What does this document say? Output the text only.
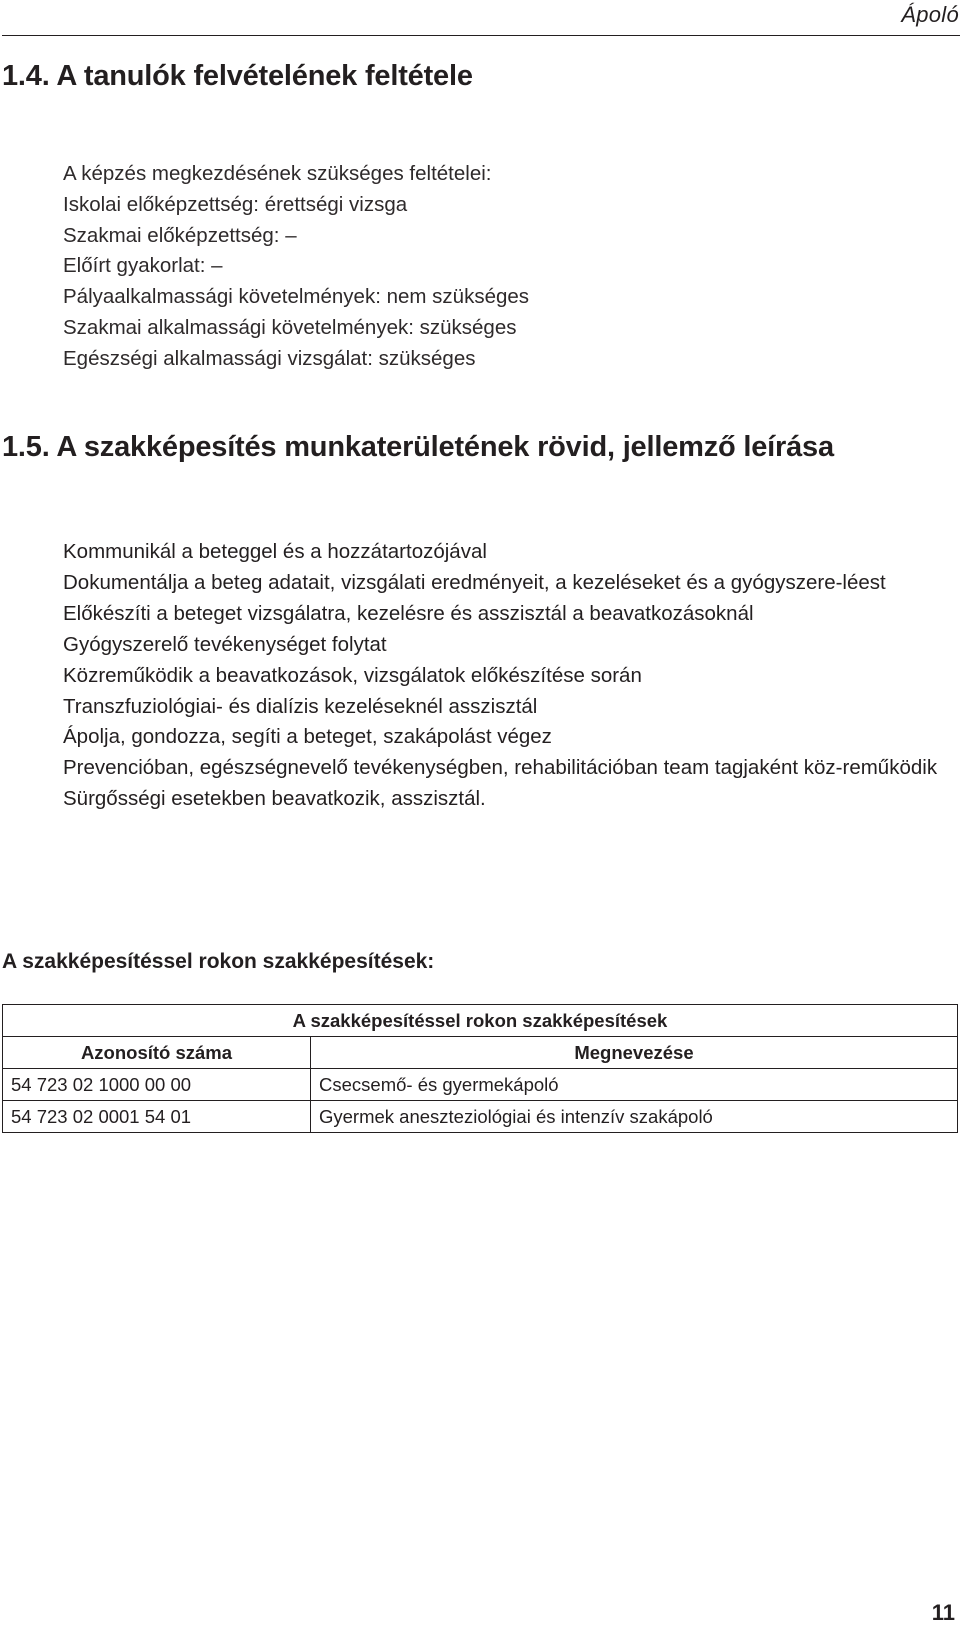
Ápoló
1.4. A tanulók felvételének feltétele
A képzés megkezdésének szükséges feltételei:
Iskolai előképzettség: érettségi vizsga
Szakmai előképzettség: –
Előírt gyakorlat: –
Pályaalkalmassági követelmények: nem szükséges
Szakmai alkalmassági követelmények: szükséges
Egészségi alkalmassági vizsgálat: szükséges
1.5. A szakképesítés munkaterületének rövid, jellemző leírása
Kommunikál a beteggel és a hozzátartozójával
Dokumentálja a beteg adatait, vizsgálati eredményeit, a kezeléseket és a gyógyszere-léest
Előkészíti a beteget vizsgálatra, kezelésre és asszisztál a beavatkozásoknál
Gyógyszerelő tevékenységet folytat
Közreműködik a beavatkozások, vizsgálatok előkészítése során
Transzfuziológiai- és dialízis kezeléseknél asszisztál
Ápolja, gondozza, segíti a beteget, szakápolást végez
Prevencióban, egészségnevelő tevékenységben, rehabilitációban team tagjaként köz-reműködik
Sürgősségi esetekben beavatkozik, asszisztál.
A szakképesítéssel rokon szakképesítések:
A szakképesítéssel rokon szakképesítések	
Azonosító száma	Megnevezése
54 723 02 1000 00 00	Csecsemő- és gyermekápoló
54 723 02 0001 54 01	Gyermek aneszteziológiai és intenzív szakápoló
11
